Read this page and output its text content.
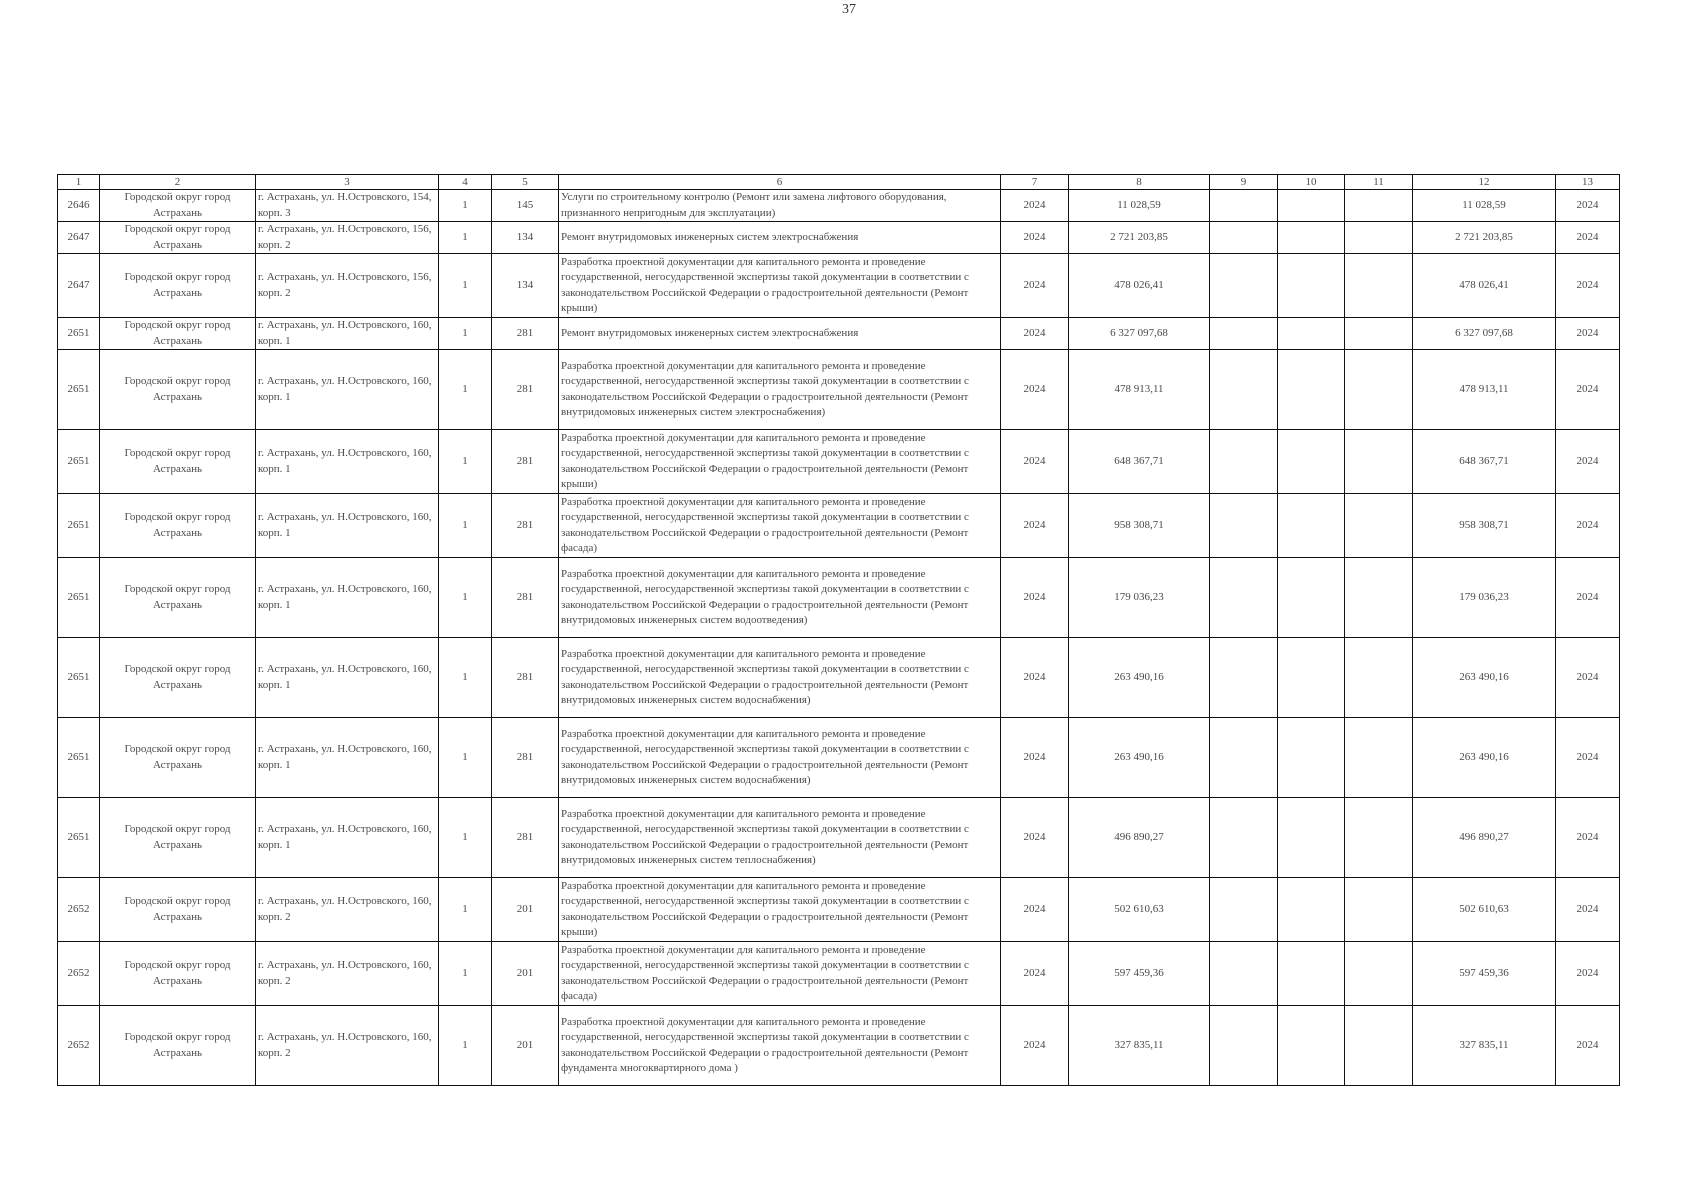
37
1	2	3	4	5	6	7	8	9	10	11	12	13
2646	Городской округ город Астрахань	г. Астрахань, ул. Н.Островского, 154, корп. 3	1	145	Услуги по строительному контролю (Ремонт или замена лифтового оборудования, признанного непригодным для эксплуатации)	2024	11 028,59				11 028,59	2024
2647	Городской округ город Астрахань	г. Астрахань, ул. Н.Островского, 156, корп. 2	1	134	Ремонт внутридомовых инженерных систем электроснабжения	2024	2 721 203,85				2 721 203,85	2024
2647	Городской округ город Астрахань	г. Астрахань, ул. Н.Островского, 156, корп. 2	1	134	Разработка проектной документации для капитального ремонта и проведение государственной, негосударственной экспертизы такой документации в соответствии с законодательством Российской Федерации о градостроительной деятельности (Ремонт крыши)	2024	478 026,41				478 026,41	2024
2651	Городской округ город Астрахань	г. Астрахань, ул. Н.Островского, 160, корп. 1	1	281	Ремонт внутридомовых инженерных систем электроснабжения	2024	6 327 097,68				6 327 097,68	2024
2651	Городской округ город Астрахань	г. Астрахань, ул. Н.Островского, 160, корп. 1	1	281	Разработка проектной документации для капитального ремонта и проведение государственной, негосударственной экспертизы такой документации в соответствии с законодательством Российской Федерации о градостроительной деятельности (Ремонт внутридомовых инженерных систем электроснабжения)	2024	478 913,11				478 913,11	2024
2651	Городской округ город Астрахань	г. Астрахань, ул. Н.Островского, 160, корп. 1	1	281	Разработка проектной документации для капитального ремонта и проведение государственной, негосударственной экспертизы такой документации в соответствии с законодательством Российской Федерации о градостроительной деятельности (Ремонт крыши)	2024	648 367,71				648 367,71	2024
2651	Городской округ город Астрахань	г. Астрахань, ул. Н.Островского, 160, корп. 1	1	281	Разработка проектной документации для капитального ремонта и проведение государственной, негосударственной экспертизы такой документации в соответствии с законодательством Российской Федерации о градостроительной деятельности (Ремонт фасада)	2024	958 308,71				958 308,71	2024
2651	Городской округ город Астрахань	г. Астрахань, ул. Н.Островского, 160, корп. 1	1	281	Разработка проектной документации для капитального ремонта и проведение государственной, негосударственной экспертизы такой документации в соответствии с законодательством Российской Федерации о градостроительной деятельности (Ремонт внутридомовых инженерных систем водоотведения)	2024	179 036,23				179 036,23	2024
2651	Городской округ город Астрахань	г. Астрахань, ул. Н.Островского, 160, корп. 1	1	281	Разработка проектной документации для капитального ремонта и проведение государственной, негосударственной экспертизы такой документации в соответствии с законодательством Российской Федерации о градостроительной деятельности (Ремонт внутридомовых инженерных систем водоснабжения)	2024	263 490,16				263 490,16	2024
2651	Городской округ город Астрахань	г. Астрахань, ул. Н.Островского, 160, корп. 1	1	281	Разработка проектной документации для капитального ремонта и проведение государственной, негосударственной экспертизы такой документации в соответствии с законодательством Российской Федерации о градостроительной деятельности (Ремонт внутридомовых инженерных систем водоснабжения)	2024	263 490,16				263 490,16	2024
2651	Городской округ город Астрахань	г. Астрахань, ул. Н.Островского, 160, корп. 1	1	281	Разработка проектной документации для капитального ремонта и проведение государственной, негосударственной экспертизы такой документации в соответствии с законодательством Российской Федерации о градостроительной деятельности (Ремонт внутридомовых инженерных систем теплоснабжения)	2024	496 890,27				496 890,27	2024
2652	Городской округ город Астрахань	г. Астрахань, ул. Н.Островского, 160, корп. 2	1	201	Разработка проектной документации для капитального ремонта и проведение государственной, негосударственной экспертизы такой документации в соответствии с законодательством Российской Федерации о градостроительной деятельности (Ремонт крыши)	2024	502 610,63				502 610,63	2024
2652	Городской округ город Астрахань	г. Астрахань, ул. Н.Островского, 160, корп. 2	1	201	Разработка проектной документации для капитального ремонта и проведение государственной, негосударственной экспертизы такой документации в соответствии с законодательством Российской Федерации о градостроительной деятельности (Ремонт фасада)	2024	597 459,36				597 459,36	2024
2652	Городской округ город Астрахань	г. Астрахань, ул. Н.Островского, 160, корп. 2	1	201	Разработка проектной документации для капитального ремонта и проведение государственной, негосударственной экспертизы такой документации в соответствии с законодательством Российской Федерации о градостроительной деятельности (Ремонт фундамента многоквартирного дома )	2024	327 835,11				327 835,11	2024
